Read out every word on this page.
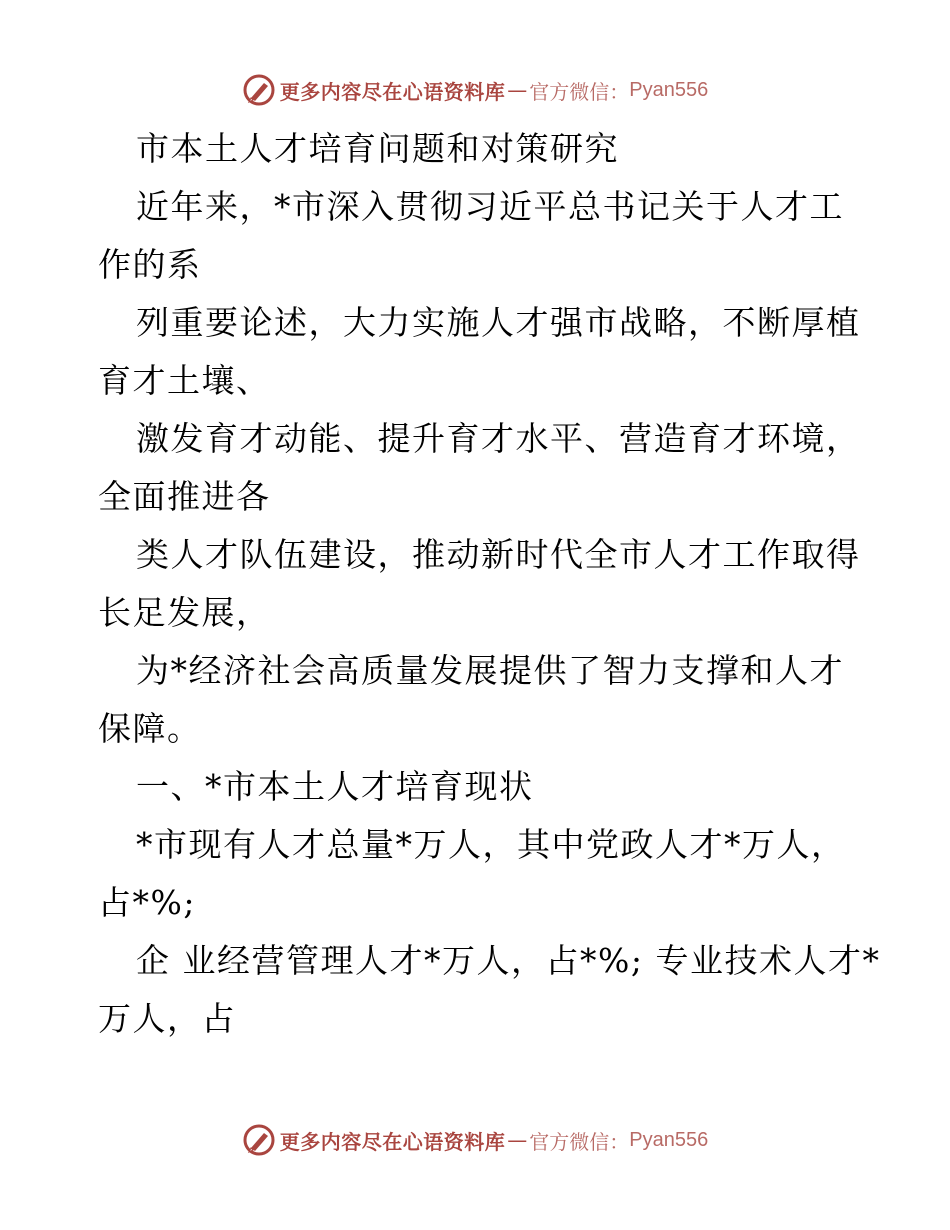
更多内容尽在心语资料库 — 官方微信： Pyan556
市本土人才培育问题和对策研究
近年来，*市深入贯彻习近平总书记关于人才工
作的系
列重要论述，大力实施人才强市战略，不断厚植
育才土壤、
激发育才动能、提升育才水平、营造育才环境，
全面推进各
类人才队伍建设，推动新时代全市人才工作取得
长足发展，
为*经济社会高质量发展提供了智力支撑和人才
保障。
一、*市本土人才培育现状
*市现有人才总量*万人，其中党政人才*万人，
占*%;
企 业经营管理人才*万人，占*%; 专业技术人才*
万人，占
更多内容尽在心语资料库 — 官方微信： Pyan556
